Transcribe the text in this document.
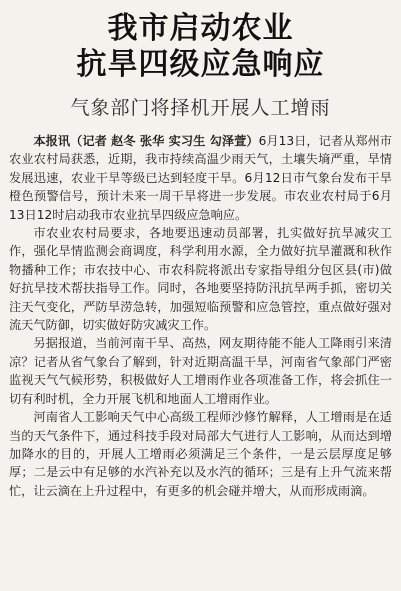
我市启动农业
抗旱四级应急响应
气象部门将择机开展人工增雨

本报讯（记者 赵冬 张华 实习生 勾泽萱）6月13日，记者从郑州市农业农村局获悉，近期，我市持续高温少雨天气，土壤失墒严重，旱情发展迅速，农业干旱等级已达到轻度干旱。6月12日市气象台发布干旱橙色预警信号，预计未来一周干旱将进一步发展。市农业农村局于6月13日12时启动我市农业抗旱四级应急响应。

市农业农村局要求，各地要迅速动员部署，扎实做好抗旱减灾工作，强化旱情监测会商调度，科学利用水源，全力做好抗旱灌溉和秋作物播种工作；市农技中心、市农科院将派出专家指导组分包区县(市)做好抗旱技术帮扶指导工作。同时，各地要坚持防汛抗旱两手抓，密切关注天气变化，严防旱涝急转，加强短临预警和应急管控，重点做好强对流天气防御，切实做好防灾减灾工作。

另据报道，当前河南干旱、高热，网友期待能不能人工降雨引来清凉？记者从省气象台了解到，针对近期高温干旱，河南省气象部门严密监视天气气候形势，积极做好人工增雨作业各项准备工作，将会抓住一切有利时机，全力开展飞机和地面人工增雨作业。

河南省人工影响天气中心高级工程师沙修竹解释，人工增雨是在适当的天气条件下，通过科技手段对局部大气进行人工影响，从而达到增加降水的目的，开展人工增雨必须满足三个条件，一是云层厚度足够厚；二是云中有足够的水汽补充以及水汽的循环；三是有上升气流来帮忙，让云滴在上升过程中，有更多的机会碰并增大，从而形成雨滴。
